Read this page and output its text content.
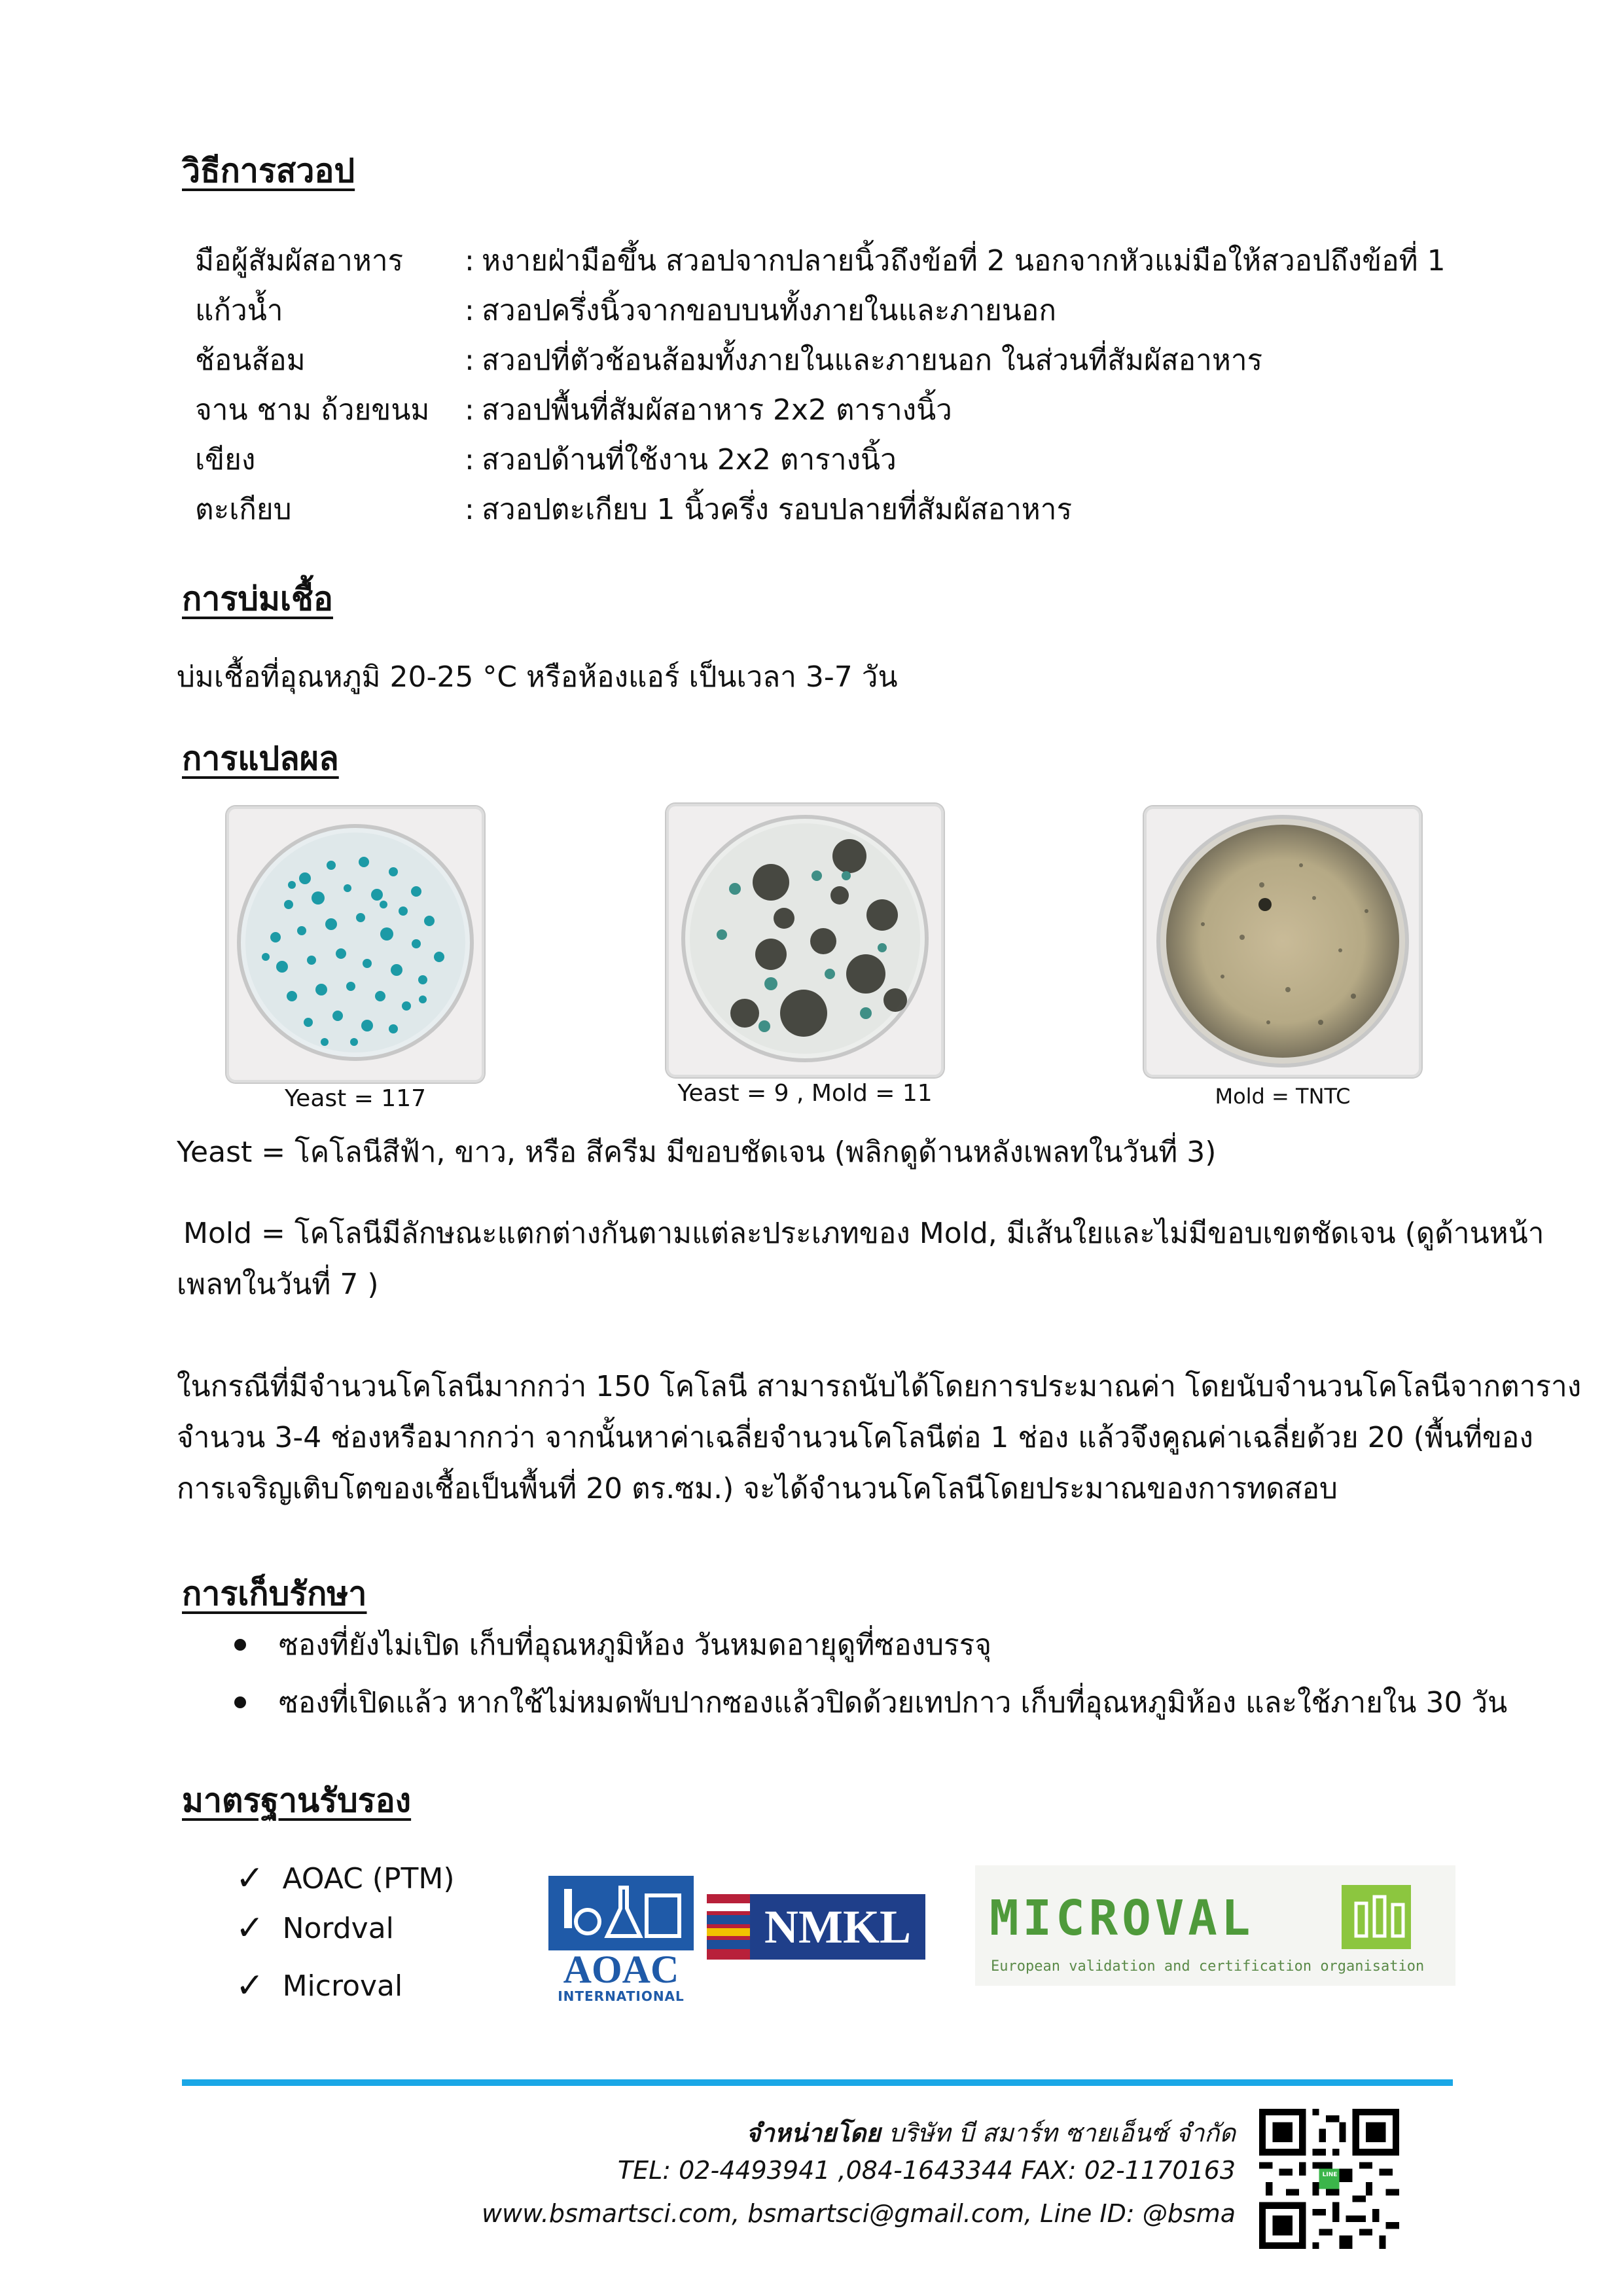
วิธีการสวอป
มือผู้สัมผัสอาหาร	: หงายฝ่ามือขึ้น สวอปจากปลายนิ้วถึงข้อที่ 2 นอกจากหัวแม่มือให้สวอปถึงข้อที่ 1
แก้วน้ำ	: สวอปครึ่งนิ้วจากขอบบนทั้งภายในและภายนอก
ช้อนส้อม	: สวอปที่ตัวช้อนส้อมทั้งภายในและภายนอก ในส่วนที่สัมผัสอาหาร
จาน ชาม ถ้วยขนม	: สวอปพื้นที่สัมผัสอาหาร 2x2 ตารางนิ้ว
เขียง	: สวอปด้านที่ใช้งาน 2x2 ตารางนิ้ว
ตะเกียบ	: สวอปตะเกียบ 1 นิ้วครึ่ง รอบปลายที่สัมผัสอาหาร
การบ่มเชื้อ

บ่มเชื้อที่อุณหภูมิ 20-25 °C หรือห้องแอร์ เป็นเวลา 3-7 วัน

การแปลผล
Yeast = 117	Yeast = 9 , Mold = 11	Mold = TNTC

Yeast = โคโลนีสีฟ้า, ขาว, หรือ สีครีม มีขอบชัดเจน (พลิกดูด้านหลังเพลทในวันที่ 3)

Mold = โคโลนีมีลักษณะแตกต่างกันตามแต่ละประเภทของ Mold, มีเส้นใยและไม่มีขอบเขตชัดเจน (ดูด้านหน้า

เพลทในวันที่ 7 )

ในกรณีที่มีจำนวนโคโลนีมากกว่า 150 โคโลนี สามารถนับได้โดยการประมาณค่า โดยนับจำนวนโคโลนีจากตาราง

จำนวน 3-4 ช่องหรือมากกว่า จากนั้นหาค่าเฉลี่ยจำนวนโคโลนีต่อ 1 ช่อง แล้วจึงคูณค่าเฉลี่ยด้วย 20 (พื้นที่ของ

การเจริญเติบโตของเชื้อเป็นพื้นที่ 20 ตร.ซม.) จะได้จำนวนโคโลนีโดยประมาณของการทดสอบ

การเก็บรักษา
ซองที่ยังไม่เปิด เก็บที่อุณหภูมิห้อง วันหมดอายุดูที่ซองบรรจุ
ซองที่เปิดแล้ว หากใช้ไม่หมดพับปากซองแล้วปิดด้วยเทปกาว เก็บที่อุณหภูมิห้อง และใช้ภายใน 30 วัน
มาตรฐานรับรอง
✓ AOAC (PTM)
✓ Nordval
✓ Microval	AOAC
INTERNATIONAL
NMKL MICROVAL
European validation and certification organisation
จำหน่ายโดย บริษัท บี สมาร์ท ซายเอ็นซ์ จำกัด
TEL: 02-4493941 ,084-1643344 FAX: 02-1170163
www.bsmartsci.com, bsmartsci@gmail.com, Line ID: @bsma
LINE
